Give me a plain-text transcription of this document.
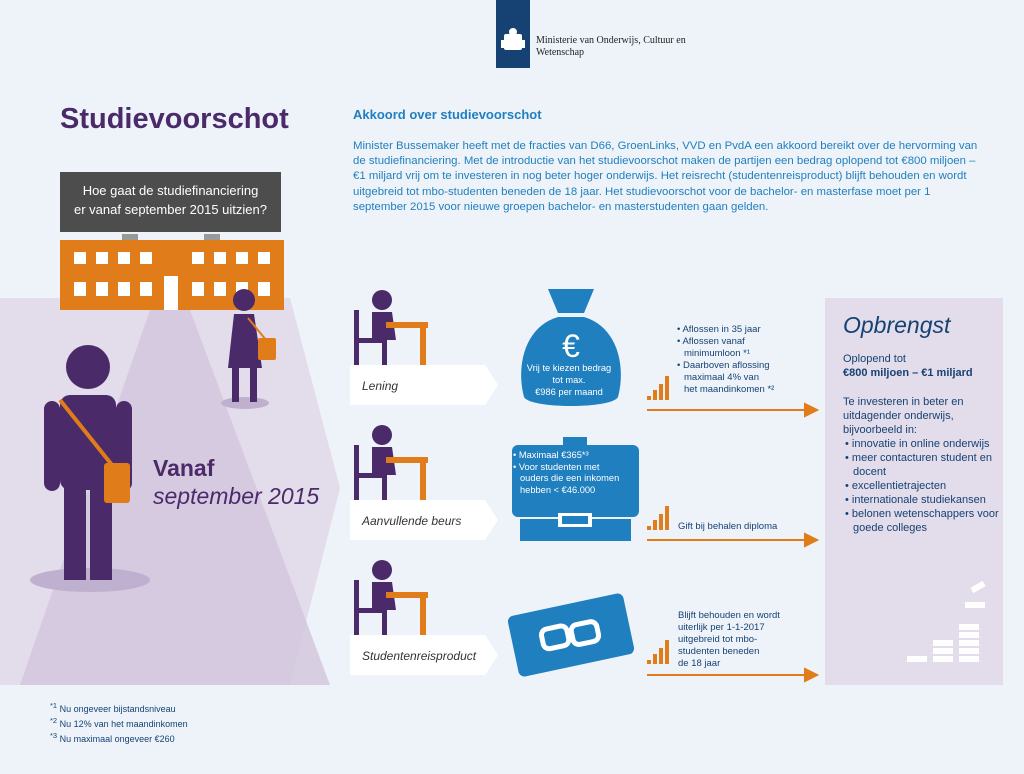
Ministerie van Onderwijs, Cultuur en
Wetenschap
Studievoorschot
Hoe gaat de studiefinanciering
er vanaf september 2015 uitzien?
Vanaf
september 2015
Akkoord over studievoorschot
Minister Bussemaker heeft met de fracties van D66, GroenLinks, VVD en PvdA een akkoord bereikt over de hervorming van de studiefinanciering. Met de introductie van het studievoorschot maken de partijen een bedrag oplopend tot €800 miljoen – €1 miljard vrij om te investeren in nog beter hoger onderwijs. Het reisrecht (studentenreisproduct) blijft behouden en wordt uitgebreid tot mbo-studenten beneden de 18 jaar. Het studievoorschot voor de bachelor- en masterfase moet per 1 september 2015 voor nieuwe groepen bachelor- en masterstudenten gaan gelden.
Lening
Aanvullende beurs
Studentenreisproduct
€
Vrij te kiezen bedrag
tot max.
€986 per maand
• Maximaal €365*³
• Voor studenten met
ouders die een inkomen
hebben < €46.000
• Aflossen in 35 jaar
• Aflossen vanaf
minimumloon *¹
• Daarboven aflossing
maximaal 4% van
het maandinkomen *²
Gift bij behalen diploma
Blijft behouden en wordt
uiterlijk per 1-1-2017
uitgebreid tot mbo-
studenten beneden
de 18 jaar
Opbrengst
Oplopend tot
€800 miljoen – €1 miljard
Te investeren in beter en
uitdagender onderwijs,
bijvoorbeeld in:
• innovatie in online onderwijs
• meer contacturen student en docent
• excellentietrajecten
• internationale studiekansen
• belonen wetenschappers voor goede colleges
$^{*1}$ Nu ongeveer bijstandsniveau
$^{*2}$ Nu 12% van het maandinkomen
$^{*3}$ Nu maximaal ongeveer €260
